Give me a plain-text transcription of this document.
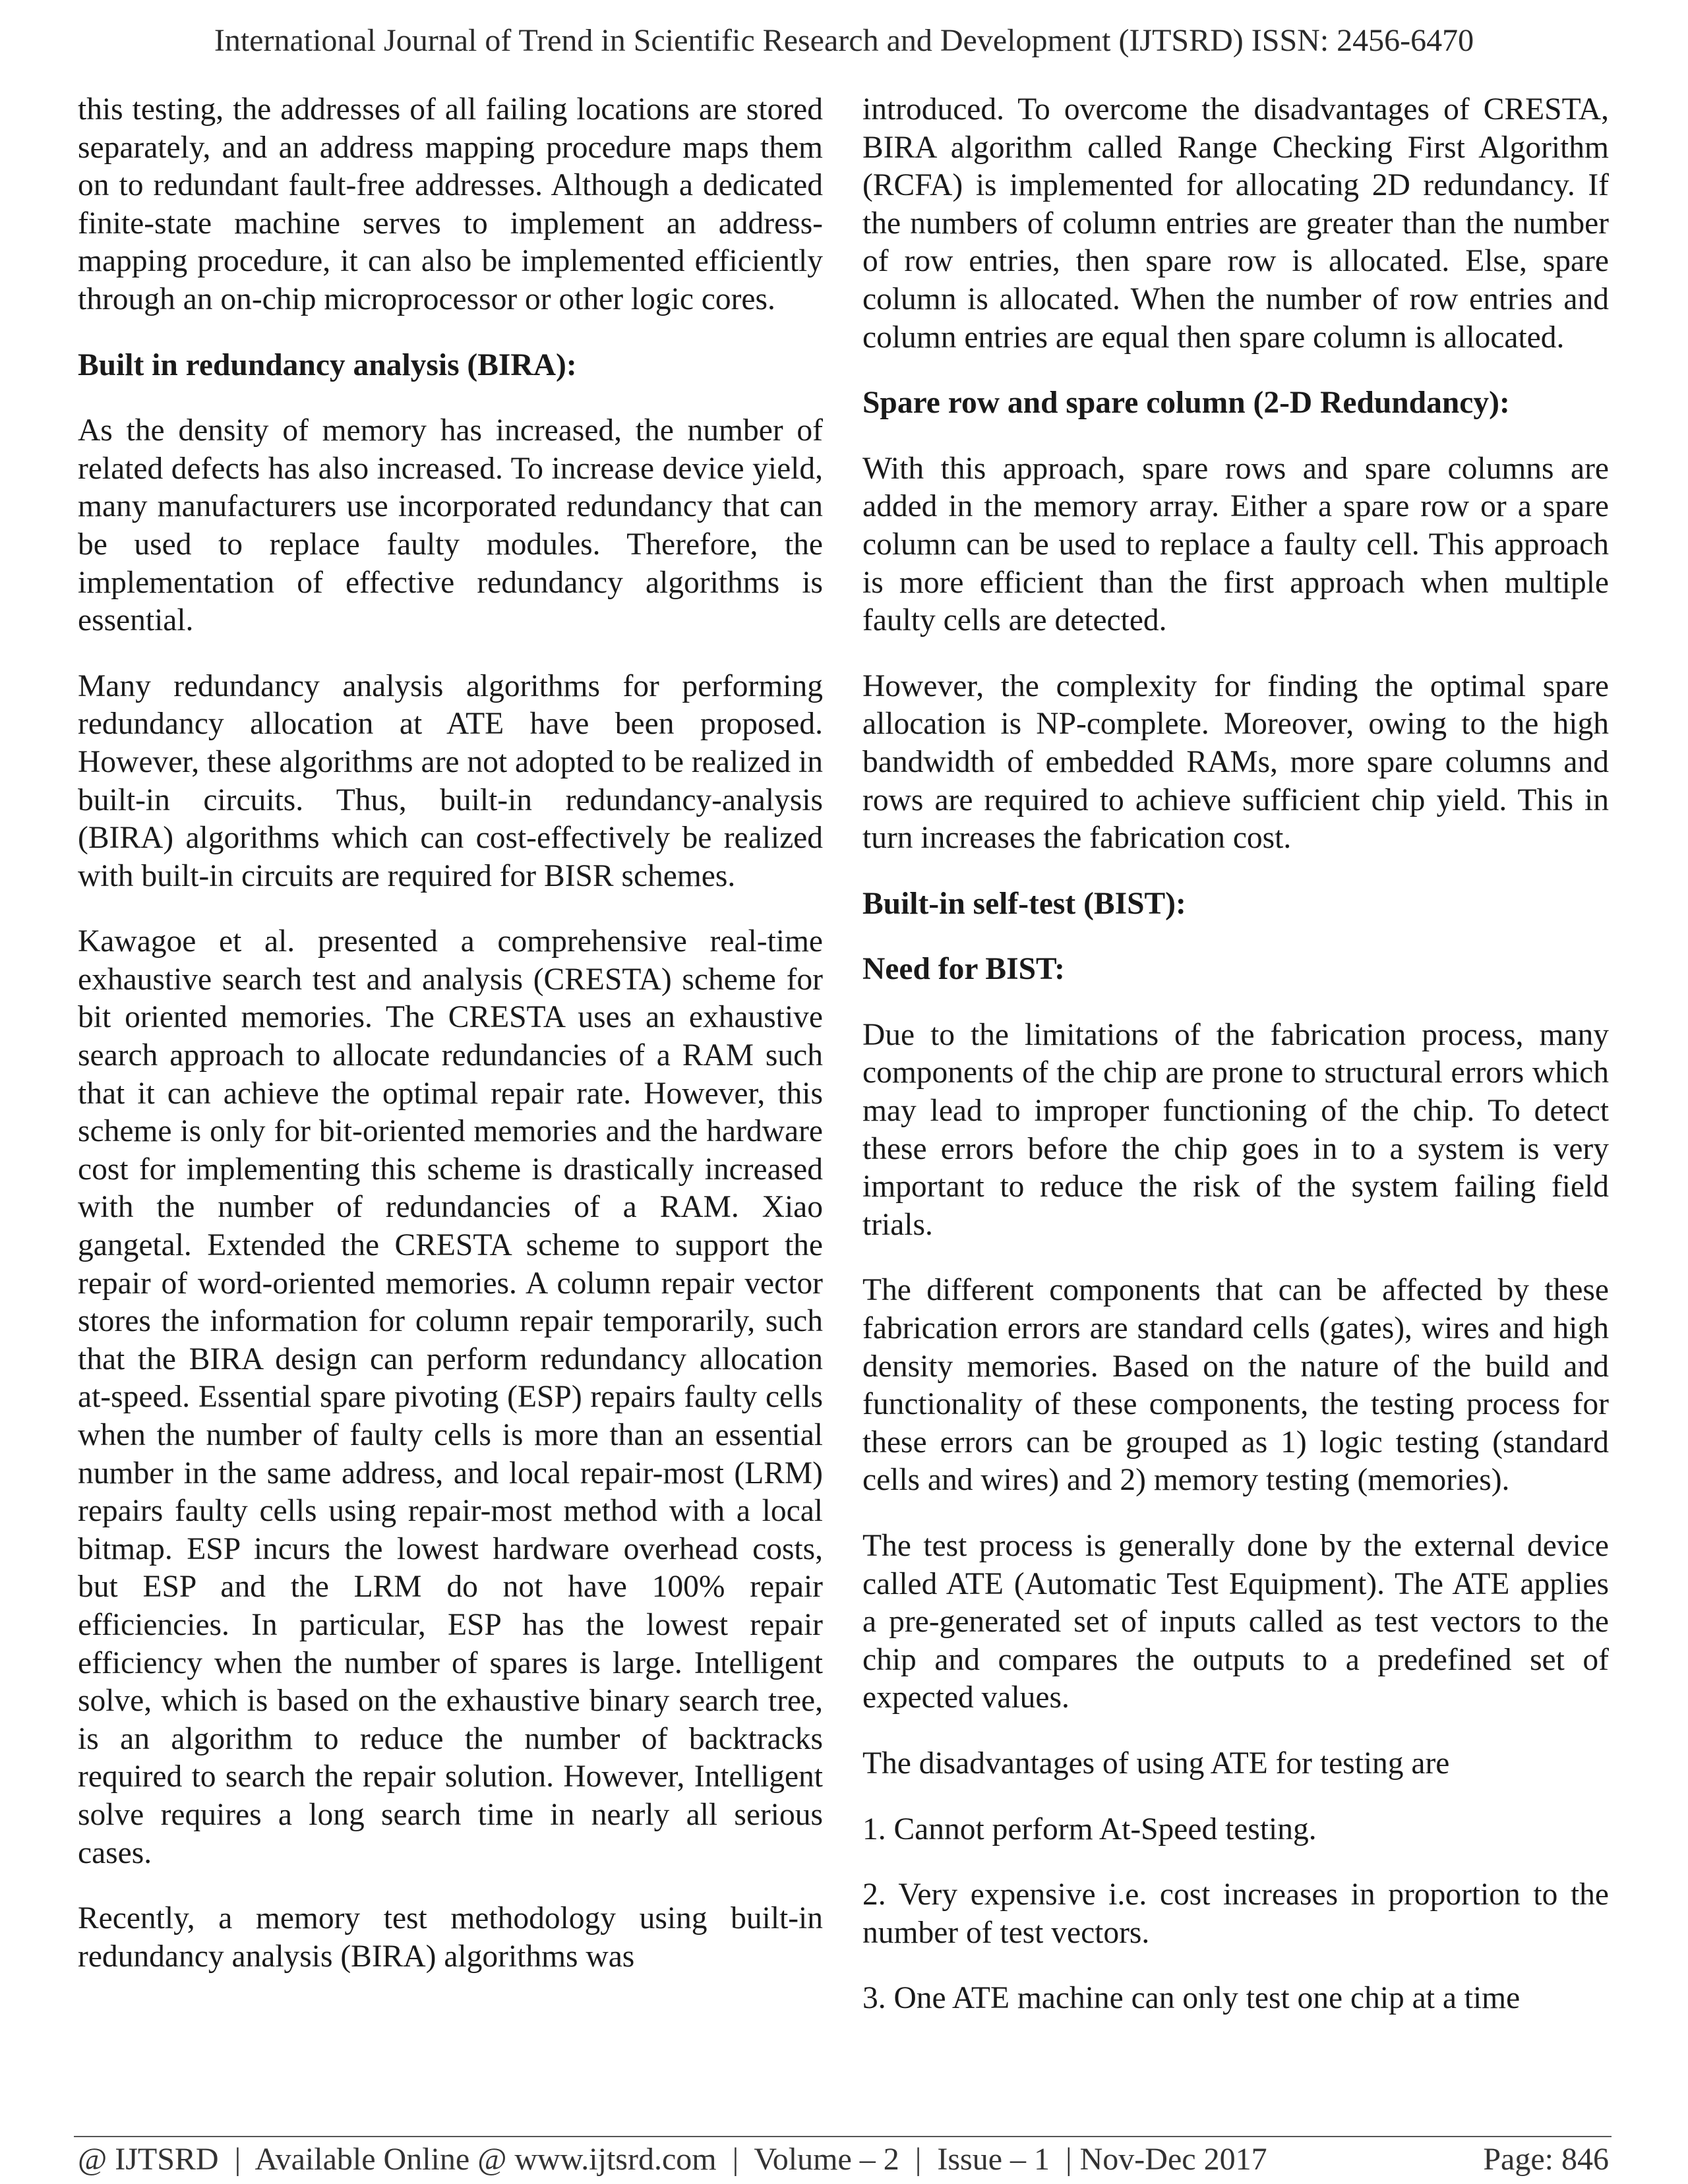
International Journal of Trend in Scientific Research and Development (IJTSRD) ISSN: 2456-6470

this testing, the addresses of all failing locations are stored separately, and an address mapping procedure maps them on to redundant fault-free addresses. Although a dedicated finite-state machine serves to implement an address-mapping procedure, it can also be implemented efficiently through an on-chip microprocessor or other logic cores.

Built in redundancy analysis (BIRA):

As the density of memory has increased, the number of related defects has also increased. To increase device yield, many manufacturers use incorporated redundancy that can be used to replace faulty modules. Therefore, the implementation of effective redundancy algorithms is essential.

Many redundancy analysis algorithms for performing redundancy allocation at ATE have been proposed. However, these algorithms are not adopted to be realized in built-in circuits. Thus, built-in redundancy-analysis (BIRA) algorithms which can cost-effectively be realized with built-in circuits are required for BISR schemes.

Kawagoe et al. presented a comprehensive real-time exhaustive search test and analysis (CRESTA) scheme for bit oriented memories. The CRESTA uses an exhaustive search approach to allocate redundancies of a RAM such that it can achieve the optimal repair rate. However, this scheme is only for bit-oriented memories and the hardware cost for implementing this scheme is drastically increased with the number of redundancies of a RAM. Xiao gangetal. Extended the CRESTA scheme to support the repair of word-oriented memories. A column repair vector stores the information for column repair temporarily, such that the BIRA design can perform redundancy allocation at-speed. Essential spare pivoting (ESP) repairs faulty cells when the number of faulty cells is more than an essential number in the same address, and local repair-most (LRM) repairs faulty cells using repair-most method with a local bitmap. ESP incurs the lowest hardware overhead costs, but ESP and the LRM do not have 100% repair efficiencies. In particular, ESP has the lowest repair efficiency when the number of spares is large. Intelligent solve, which is based on the exhaustive binary search tree, is an algorithm to reduce the number of backtracks required to search the repair solution. However, Intelligent solve requires a long search time in nearly all serious cases.

Recently, a memory test methodology using built-in redundancy analysis (BIRA) algorithms was

introduced. To overcome the disadvantages of CRESTA, BIRA algorithm called Range Checking First Algorithm (RCFA) is implemented for allocating 2D redundancy. If the numbers of column entries are greater than the number of row entries, then spare row is allocated. Else, spare column is allocated. When the number of row entries and column entries are equal then spare column is allocated.

Spare row and spare column (2-D Redundancy):

With this approach, spare rows and spare columns are added in the memory array. Either a spare row or a spare column can be used to replace a faulty cell. This approach is more efficient than the first approach when multiple faulty cells are detected.

However, the complexity for finding the optimal spare allocation is NP-complete. Moreover, owing to the high bandwidth of embedded RAMs, more spare columns and rows are required to achieve sufficient chip yield. This in turn increases the fabrication cost.

Built-in self-test (BIST):
Need for BIST:

Due to the limitations of the fabrication process, many components of the chip are prone to structural errors which may lead to improper functioning of the chip. To detect these errors before the chip goes in to a system is very important to reduce the risk of the system failing field trials.

The different components that can be affected by these fabrication errors are standard cells (gates), wires and high density memories. Based on the nature of the build and functionality of these components, the testing process for these errors can be grouped as 1) logic testing (standard cells and wires) and 2) memory testing (memories).

The test process is generally done by the external device called ATE (Automatic Test Equipment). The ATE applies a pre-generated set of inputs called as test vectors to the chip and compares the outputs to a predefined set of expected values.

The disadvantages of using ATE for testing are

1. Cannot perform At-Speed testing.

2. Very expensive i.e. cost increases in proportion to the number of test vectors.

3. One ATE machine can only test one chip at a time

@ IJTSRD  |  Available Online @ www.ijtsrd.com  |  Volume – 2  |  Issue – 1  | Nov-Dec 2017	Page: 846
